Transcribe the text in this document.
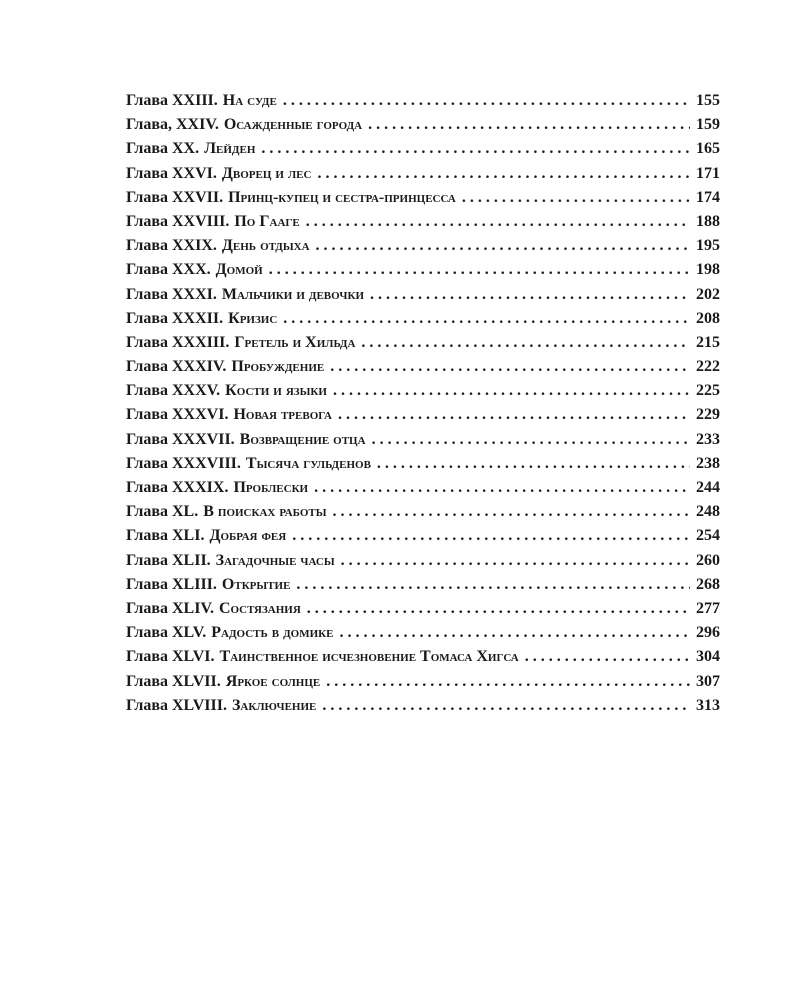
Глава XXIII. На суде . . .	155
Глава, XXIV. Осажденные города . . .	159
Глава XX. Лейден . . .	165
Глава XXVI. Дворец и лес . . .	171
Глава XXVII. Принц-купец и сестра-принцесса . . .	174
Глава XXVIII. По Гааге . . .	188
Глава XXIX. День отдыха . . .	195
Глава XXX. Домой . . .	198
Глава XXXI. Мальчики и девочки . . .	202
Глава XXXII. Кризис . . .	208
Глава XXXIII. Гретель и Хильда . . .	215
Глава XXXIV. Пробуждение . . .	222
Глава XXXV. Кости и языки . . .	225
Глава XXXVI. Новая тревога . . .	229
Глава XXXVII. Возвращение отца . . .	233
Глава XXXVIII. Тысяча гульденов . . .	238
Глава XXXIX. Проблески . . .	244
Глава XL. В поисках работы . . .	248
Глава XLI. Добрая фея . . .	254
Глава XLII. Загадочные часы . . .	260
Глава XLIII. Открытие . . .	268
Глава XLIV. Состязания . . .	277
Глава XLV. Радость в домике . . .	296
Глава XLVI. Таинственное исчезновение Томаса Хигса . . .	304
Глава XLVII. Яркое солнце . . .	307
Глава XLVIII. Заключение . . .	313
